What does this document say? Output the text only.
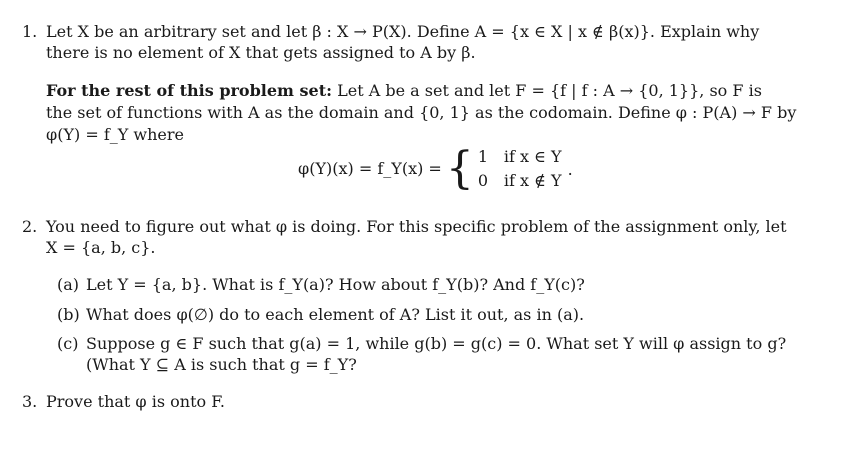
1. Let X be an arbitrary set and let β : X → P(X). Define A = {x ∈ X | x ∉ β(x)}. Explain why
there is no element of X that gets assigned to A by β.
For the rest of this problem set: Let A be a set and let F = {f | f : A → {0, 1}}, so F is
the set of functions with A as the domain and {0, 1} as the codomain. Define φ : P(A) → F by
φ(Y) = f_Y where
φ(Y)(x) = f_Y(x) = { 1 if x ∈ Y
0 if x ∉ Y
.
2. You need to figure out what φ is doing. For this specific problem of the assignment only, let
X = {a, b, c}.
(a) Let Y = {a, b}. What is f_Y(a)? How about f_Y(b)? And f_Y(c)?
(b) What does φ(∅) do to each element of A? List it out, as in (a).
(c) Suppose g ∈ F such that g(a) = 1, while g(b) = g(c) = 0. What set Y will φ assign to g?
(What Y ⊆ A is such that g = f_Y?
3. Prove that φ is onto F.
